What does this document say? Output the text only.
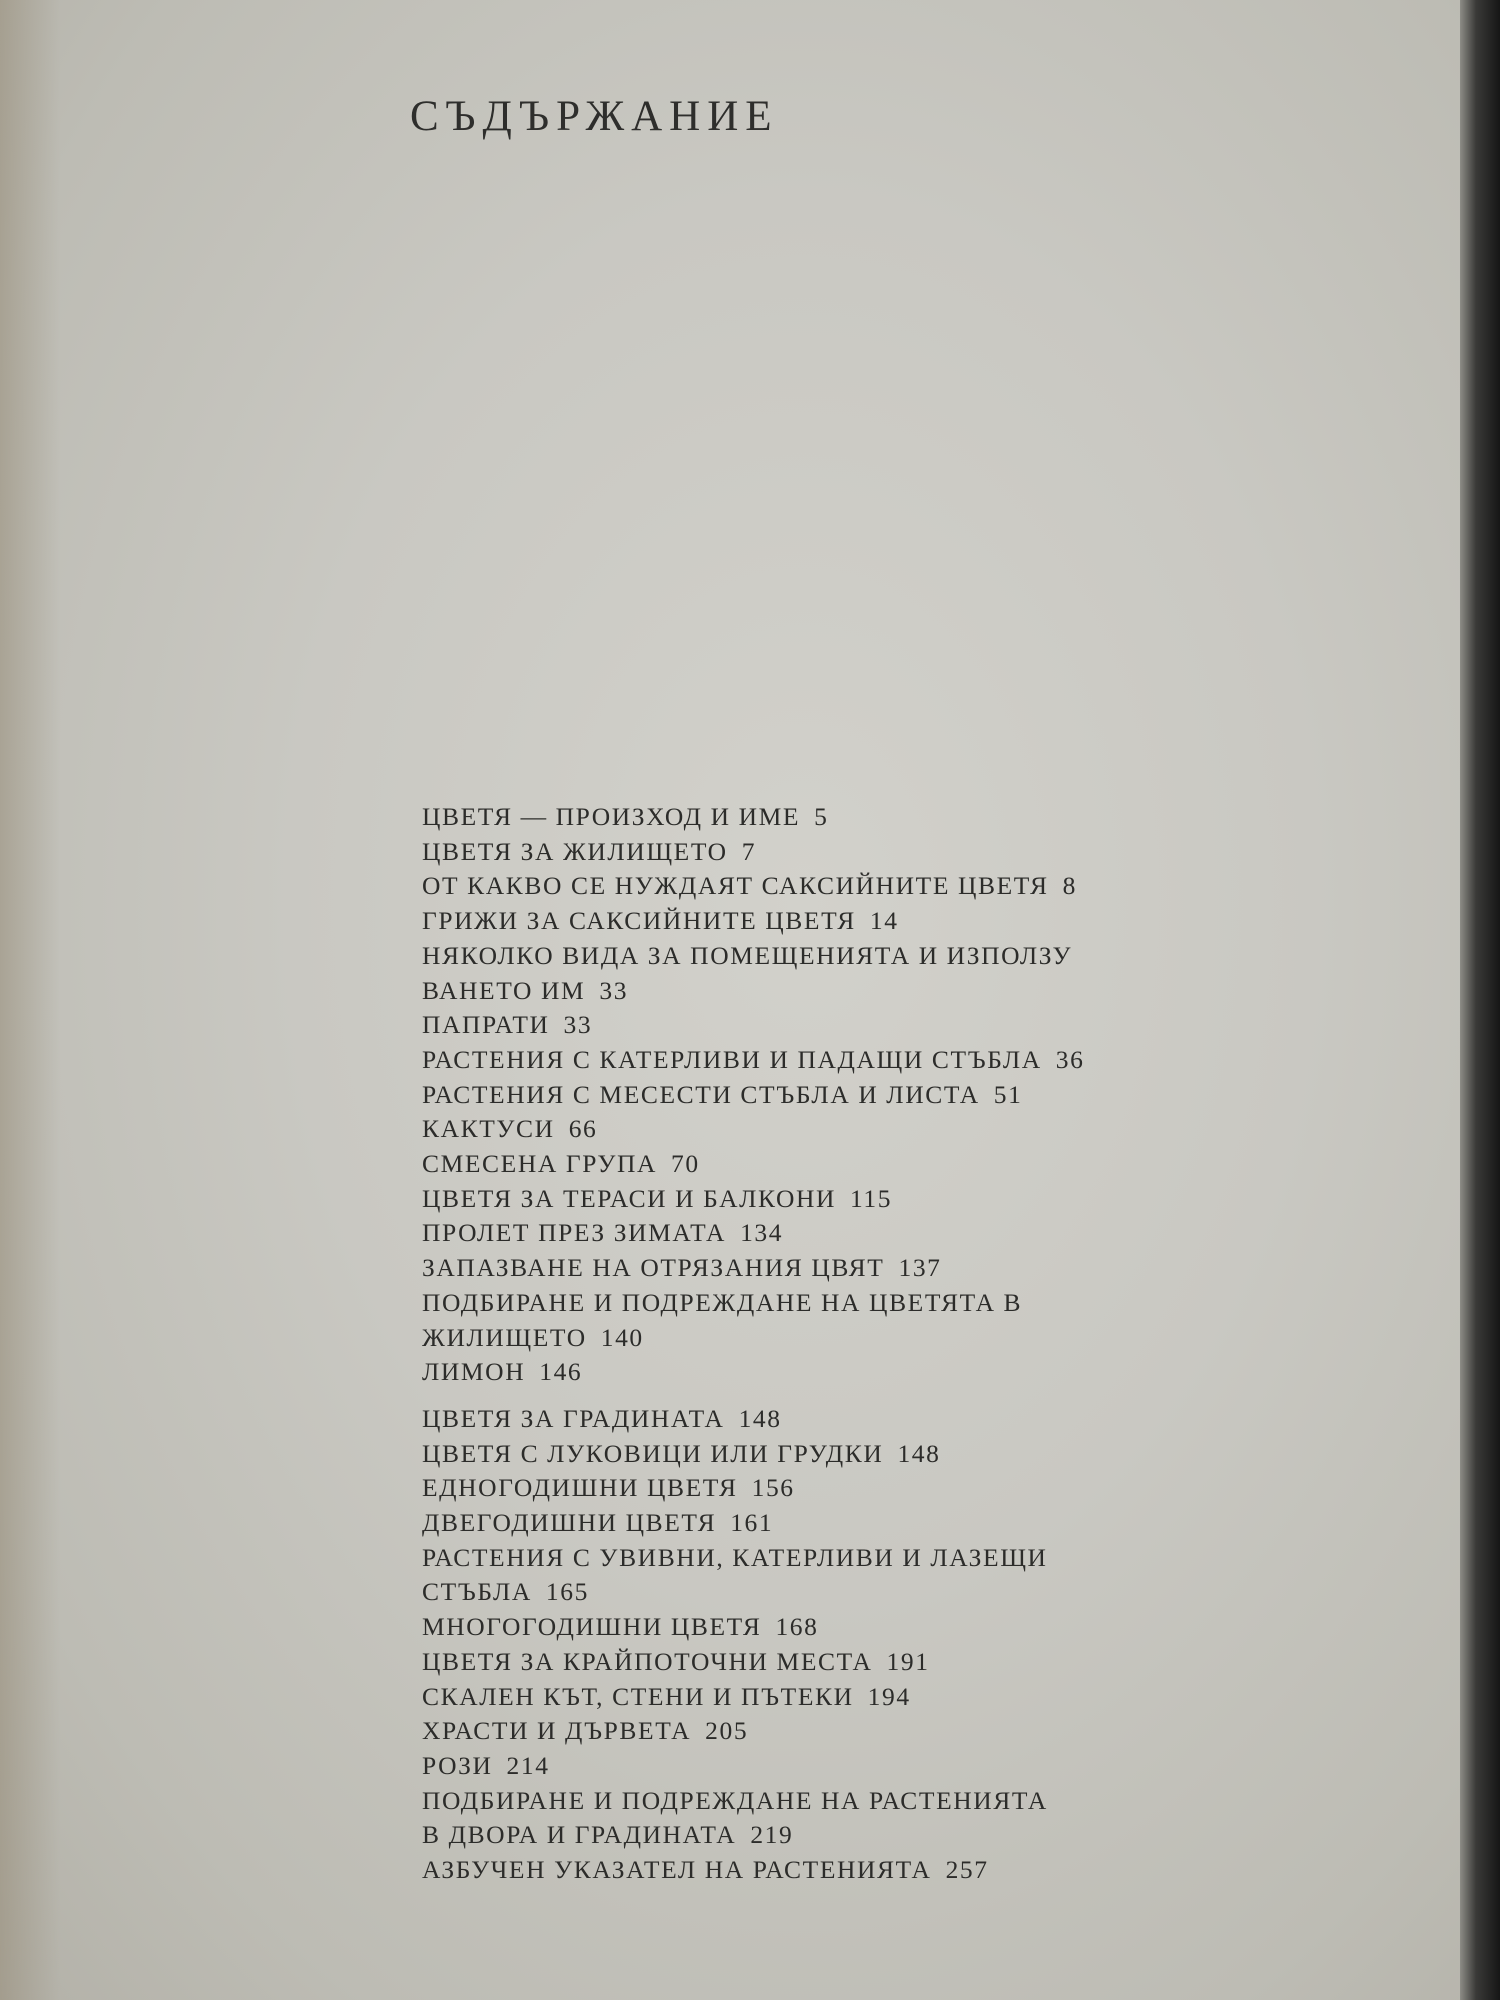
СЪДЪРЖАНИЕ
ЦВЕТЯ — ПРОИЗХОД И ИМЕ 5
ЦВЕТЯ ЗА ЖИЛИЩЕТО 7
ОТ КАКВО СЕ НУЖДАЯТ САКСИЙНИТЕ ЦВЕТЯ 8
ГРИЖИ ЗА САКСИЙНИТЕ ЦВЕТЯ 14
НЯКОЛКО ВИДА ЗА ПОМЕЩЕНИЯТА И ИЗПОЛЗУ
ВАНЕТО ИМ 33
ПАПРАТИ 33
РАСТЕНИЯ С КАТЕРЛИВИ И ПАДАЩИ СТЪБЛА 36
РАСТЕНИЯ С МЕСЕСТИ СТЪБЛА И ЛИСТА 51
КАКТУСИ 66
СМЕСЕНА ГРУПА 70
ЦВЕТЯ ЗА ТЕРАСИ И БАЛКОНИ 115
ПРОЛЕТ ПРЕЗ ЗИМАТА 134
ЗАПАЗВАНЕ НА ОТРЯЗАНИЯ ЦВЯТ 137
ПОДБИРАНЕ И ПОДРЕЖДАНЕ НА ЦВЕТЯТА В
ЖИЛИЩЕТО 140
ЛИМОН 146
ЦВЕТЯ ЗА ГРАДИНАТА 148
ЦВЕТЯ С ЛУКОВИЦИ ИЛИ ГРУДКИ 148
ЕДНОГОДИШНИ ЦВЕТЯ 156
ДВЕГОДИШНИ ЦВЕТЯ 161
РАСТЕНИЯ С УВИВНИ, КАТЕРЛИВИ И ЛАЗЕЩИ
СТЪБЛА 165
МНОГОГОДИШНИ ЦВЕТЯ 168
ЦВЕТЯ ЗА КРАЙПОТОЧНИ МЕСТА 191
СКАЛЕН КЪТ, СТЕНИ И ПЪТЕКИ 194
ХРАСТИ И ДЪРВЕТА 205
РОЗИ 214
ПОДБИРАНЕ И ПОДРЕЖДАНЕ НА РАСТЕНИЯТА
В ДВОРА И ГРАДИНАТА 219
АЗБУЧЕН УКАЗАТЕЛ НА РАСТЕНИЯТА 257
